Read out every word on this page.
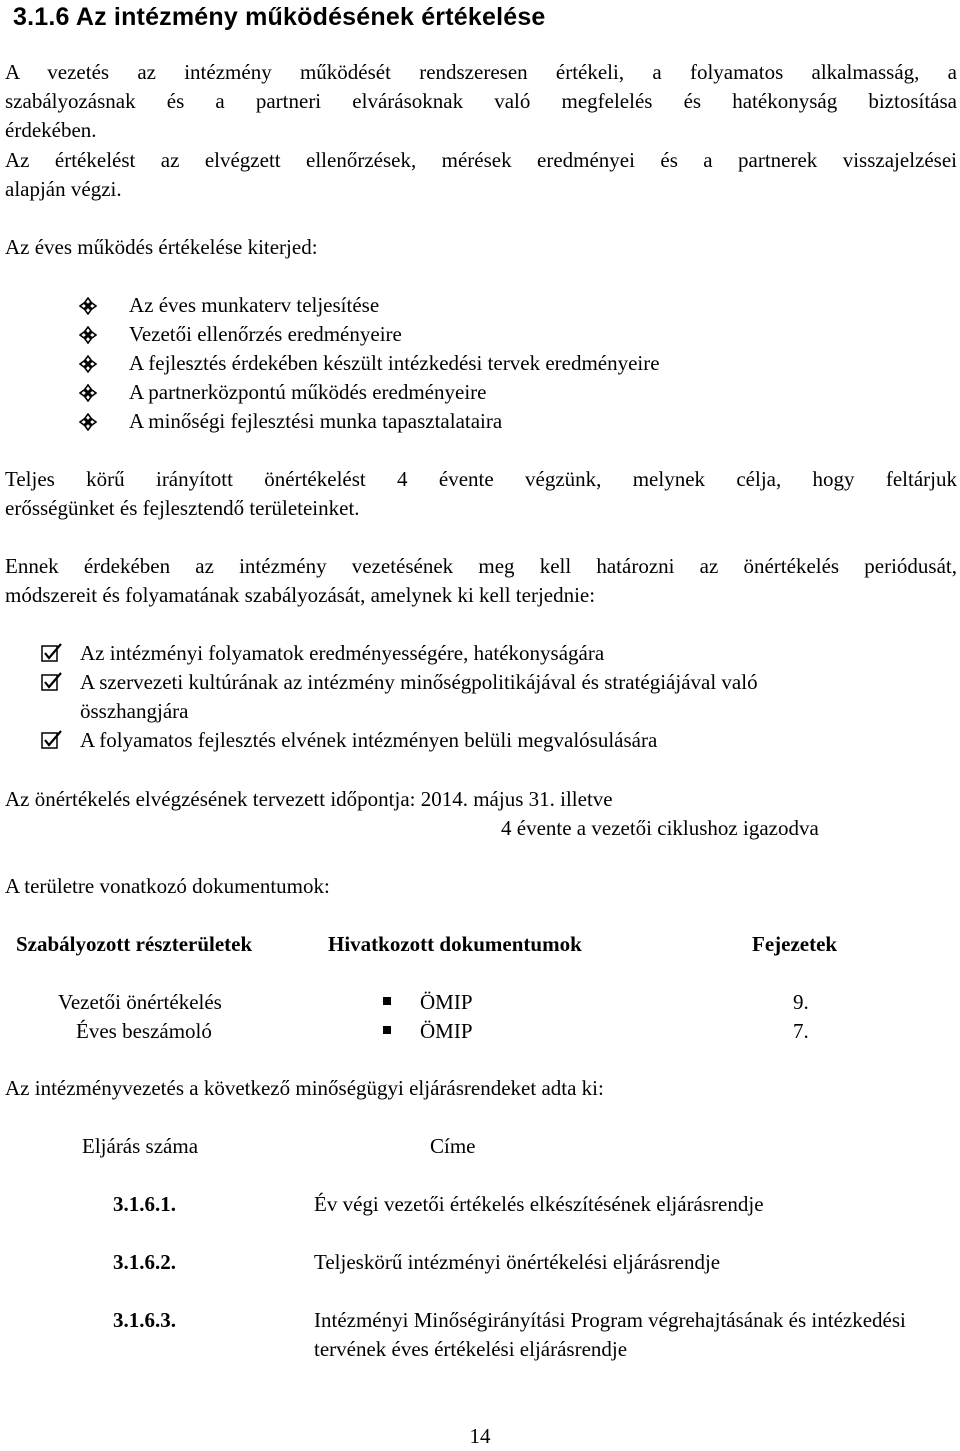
3.1.6 Az intézmény működésének értékelése
A vezetés az intézmény működését rendszeresen értékeli, a folyamatos alkalmasság, a
szabályozásnak és a partneri elvárásoknak való megfelelés és hatékonyság biztosítása
érdekében.
Az értékelést az elvégzett ellenőrzések, mérések eredményei és a partnerek visszajelzései
alapján végzi.
Az éves működés értékelése kiterjed:
Az éves munkaterv teljesítése
Vezetői ellenőrzés eredményeire
A fejlesztés érdekében készült intézkedési tervek eredményeire
A partnerközpontú működés eredményeire
A minőségi fejlesztési munka tapasztalataira
Teljes körű irányított önértékelést 4 évente végzünk, melynek célja, hogy feltárjuk
erősségünket és fejlesztendő területeinket.
Ennek érdekében az intézmény vezetésének meg kell határozni az önértékelés periódusát,
módszereit és folyamatának szabályozását, amelynek ki kell terjednie:
Az intézményi folyamatok eredményességére, hatékonyságára
A szervezeti kultúrának az intézmény minőségpolitikájával és stratégiájával való
összhangjára
A folyamatos fejlesztés elvének intézményen belüli megvalósulására
Az önértékelés elvégzésének tervezett időpontja: 2014. május 31. illetve
4 évente a vezetői ciklushoz igazodva
A területre vonatkozó dokumentumok:
Szabályozott részterületek	Hivatkozott dokumentumok	Fejezetek
Vezetői önértékelés	ÖMIP	9.
Éves beszámoló	ÖMIP	7.
Az intézményvezetés a következő minőségügyi eljárásrendeket adta ki:
Eljárás száma	Címe
3.1.6.1.	Év végi vezetői értékelés elkészítésének eljárásrendje
3.1.6.2.	Teljeskörű intézményi önértékelési eljárásrendje
3.1.6.3.	Intézményi Minőségirányítási Program végrehajtásának és intézkedési tervének éves értékelési eljárásrendje
14
